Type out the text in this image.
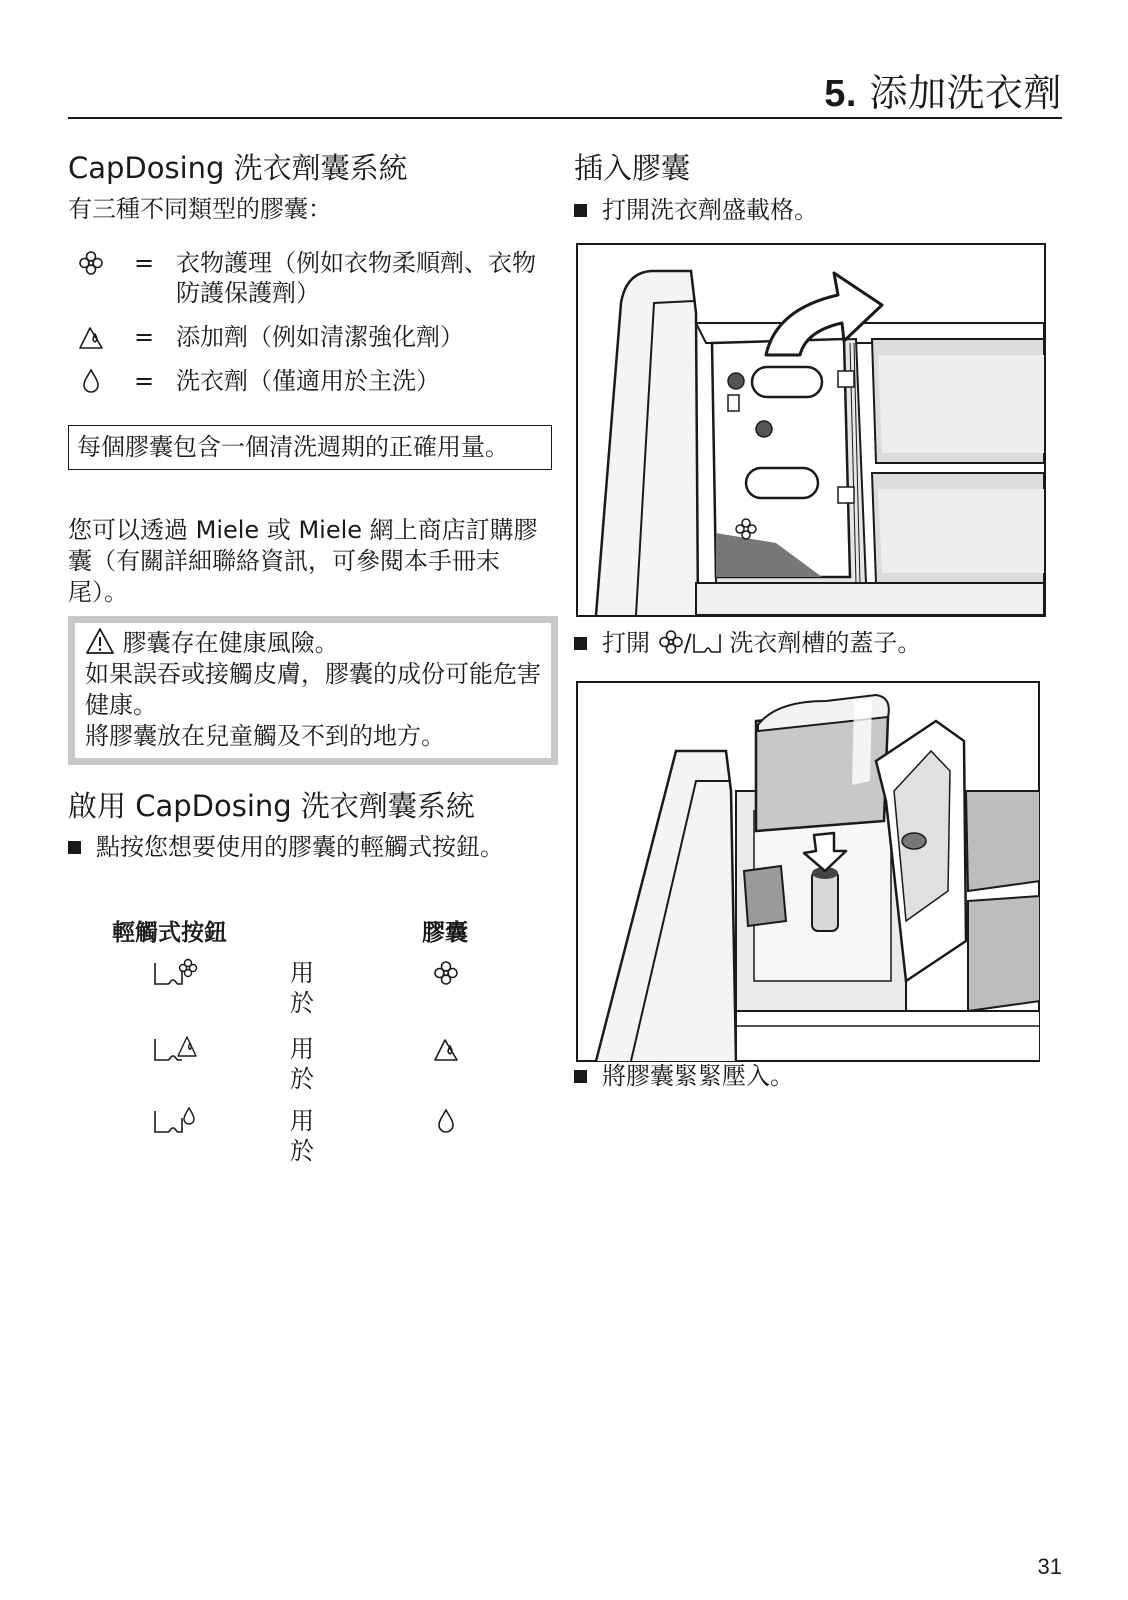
5. 添加洗衣劑
CapDosing 洗衣劑囊系統
有三種不同類型的膠囊：
= 衣物護理（例如衣物柔順劑、衣物防護保護劑）
= 添加劑（例如清潔強化劑）
= 洗衣劑（僅適用於主洗）
每個膠囊包含一個清洗週期的正確用量。
您可以透過 Miele 或 Miele 網上商店訂購膠囊（有關詳細聯絡資訊，可參閱本手冊末尾）。
膠囊存在健康風險。
如果誤吞或接觸皮膚，膠囊的成份可能危害健康。
將膠囊放在兒童觸及不到的地方。
啟用 CapDosing 洗衣劑囊系統
點按您想要使用的膠囊的輕觸式按鈕。
輕觸式按鈕	膠囊
用於
用於
用於
插入膠囊
打開洗衣劑盛載格。
打開 / 洗衣劑槽的蓋子。
將膠囊緊緊壓入。
31
